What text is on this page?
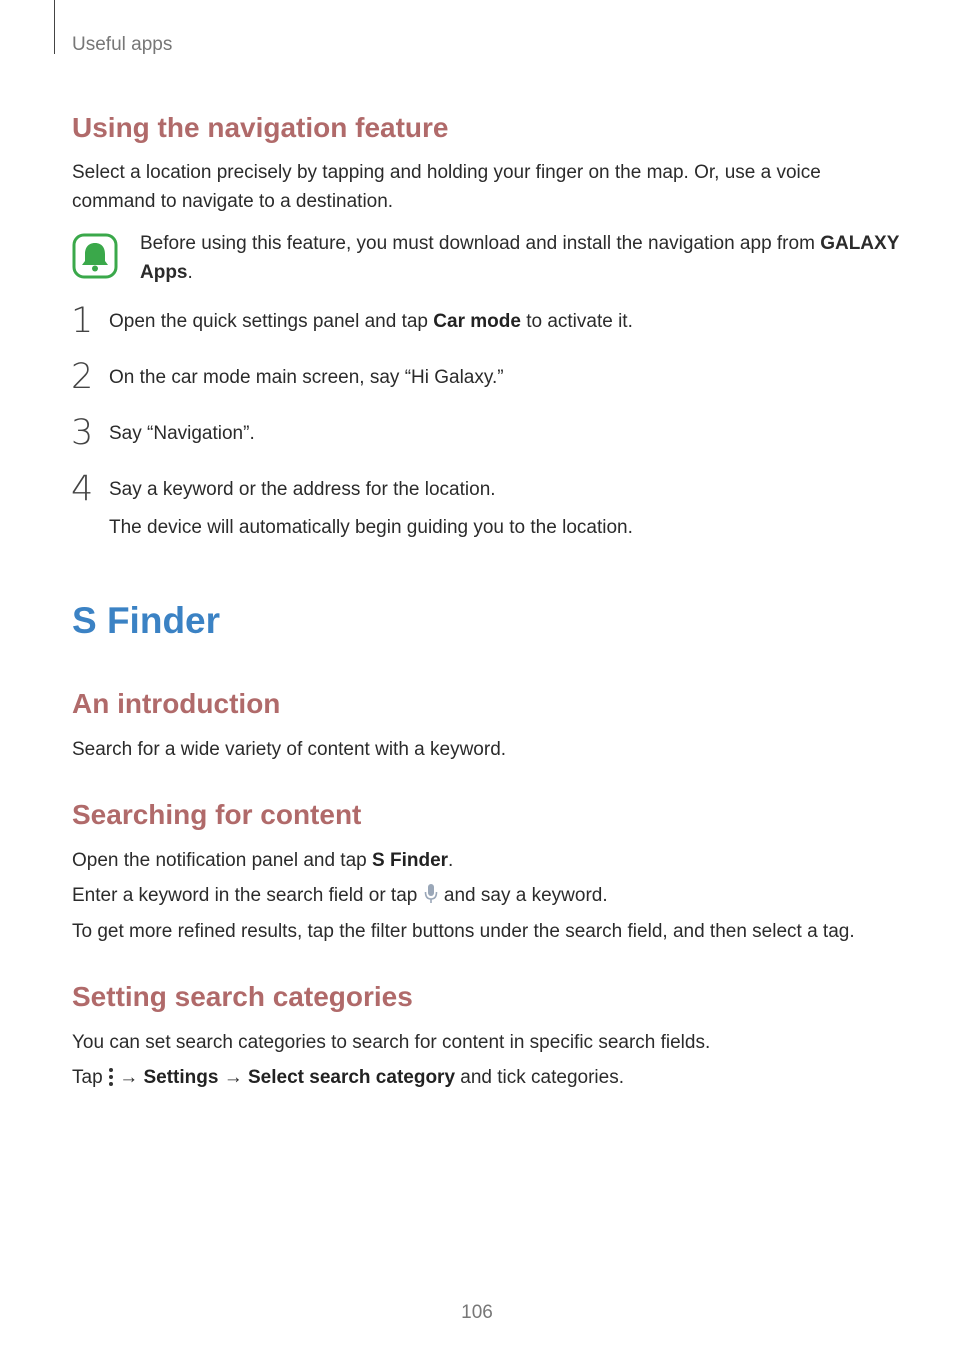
Useful apps
Using the navigation feature
Select a location precisely by tapping and holding your finger on the map. Or, use a voice command to navigate to a destination.
Before using this feature, you must download and install the navigation app from GALAXY Apps.
1 Open the quick settings panel and tap Car mode to activate it.
2 On the car mode main screen, say “Hi Galaxy.”
3 Say “Navigation”.
4 Say a keyword or the address for the location.
The device will automatically begin guiding you to the location.
S Finder
An introduction
Search for a wide variety of content with a keyword.
Searching for content
Open the notification panel and tap S Finder.
Enter a keyword in the search field or tap  and say a keyword.
To get more refined results, tap the filter buttons under the search field, and then select a tag.
Setting search categories
You can set search categories to search for content in specific search fields.
Tap  → Settings → Select search category and tick categories.
106
